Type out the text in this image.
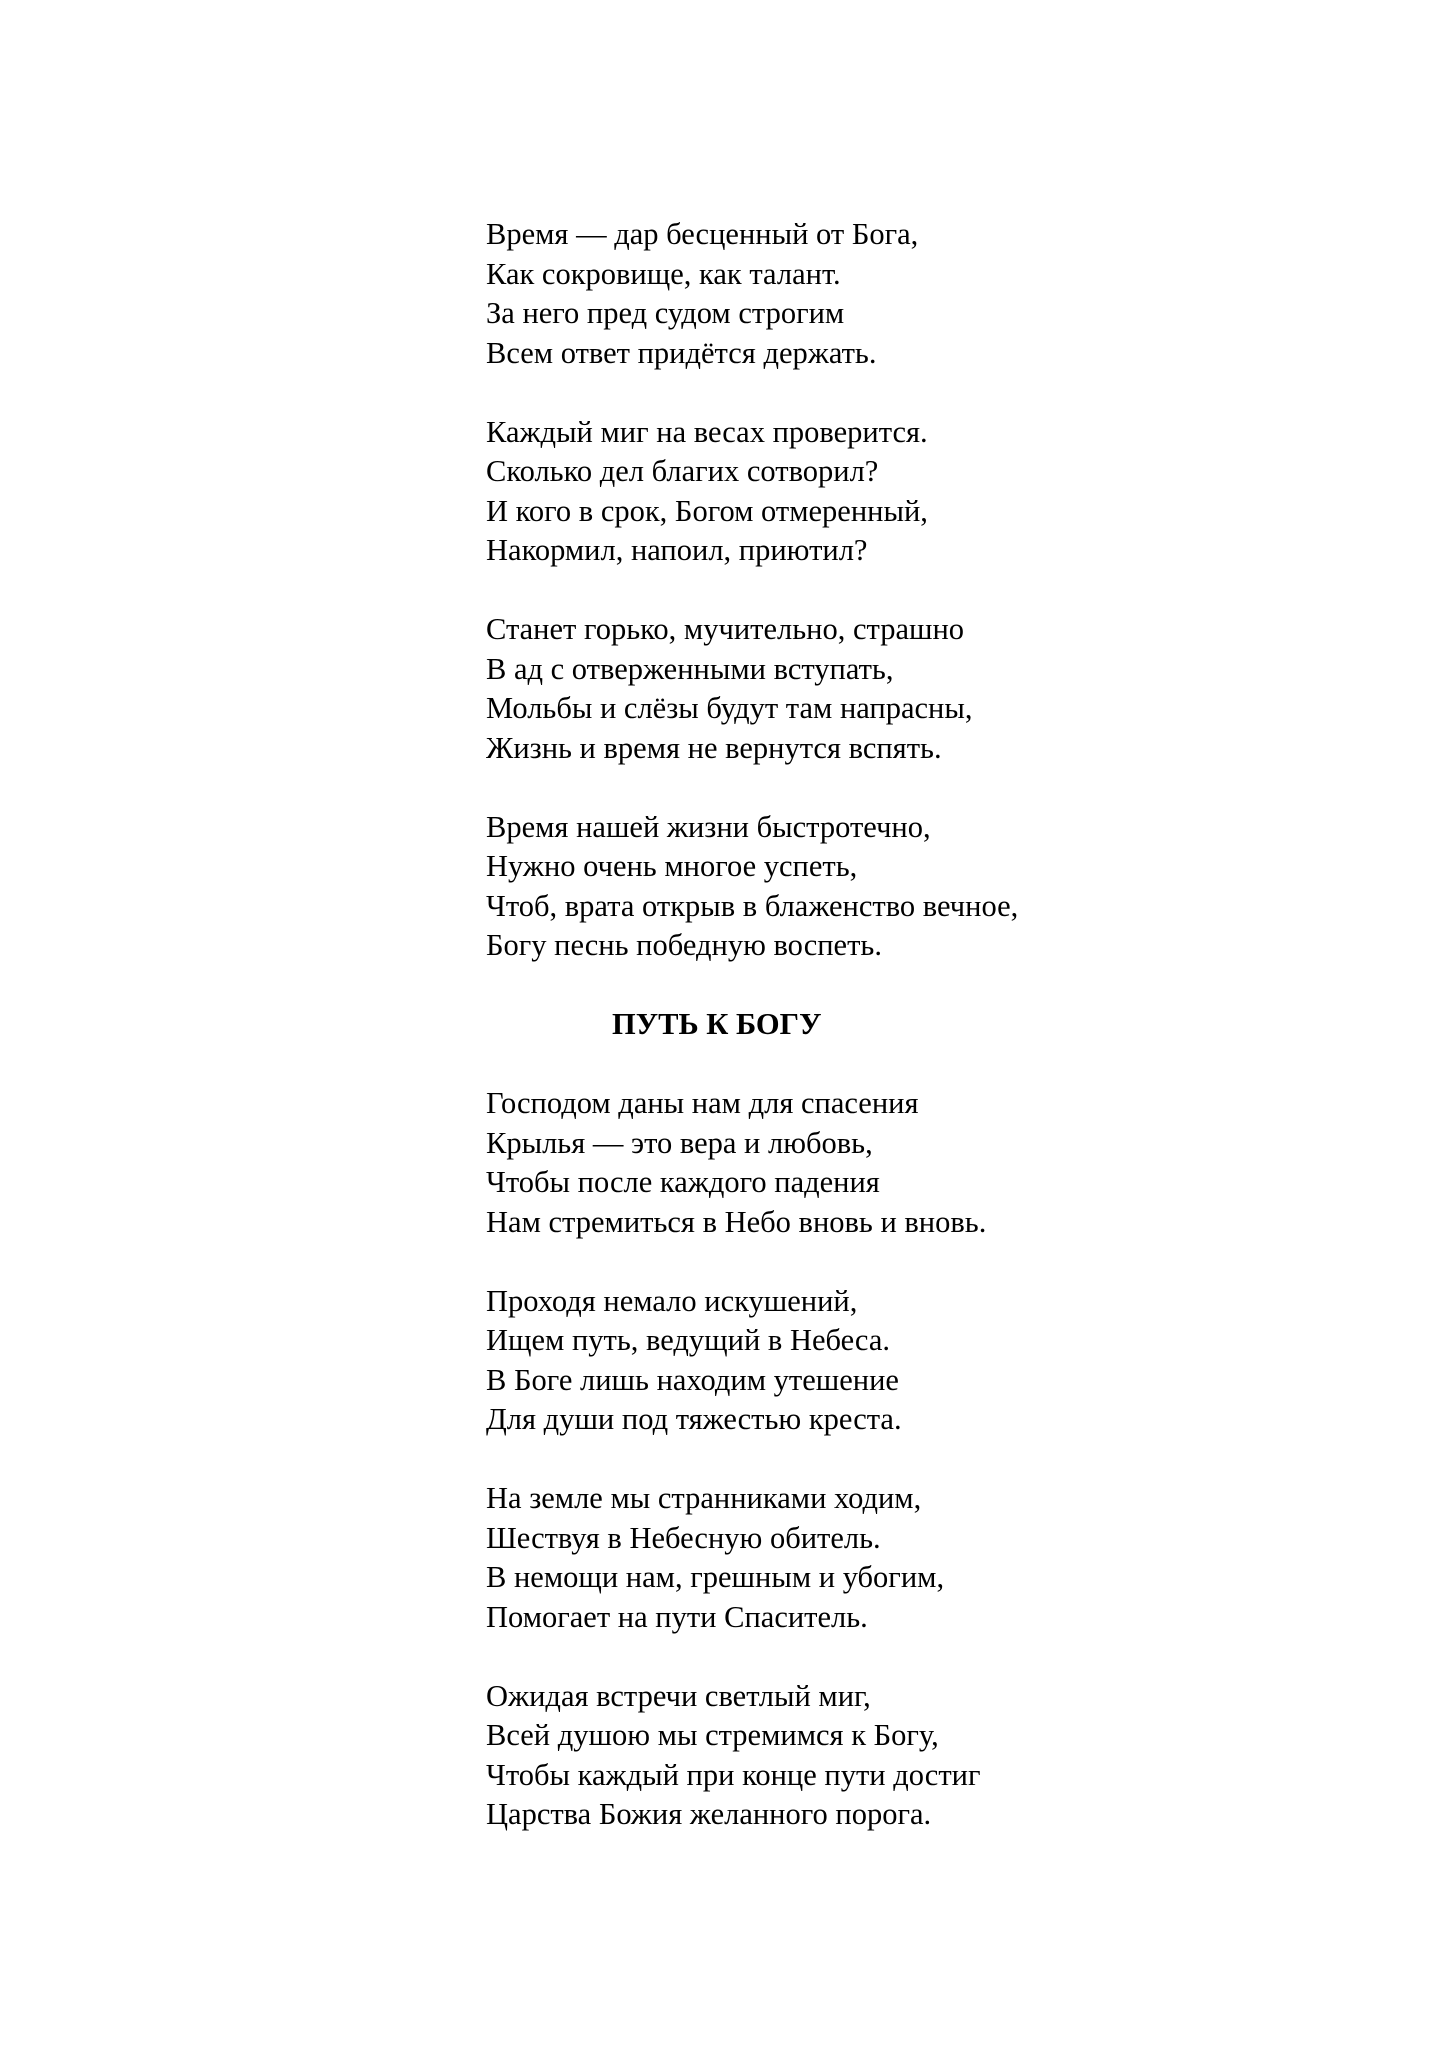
Время — дар бесценный от Бога,
Как сокровище, как талант.
За него пред судом строгим
Всем ответ придётся держать.
Каждый миг на весах проверится.
Сколько дел благих сотворил?
И кого в срок, Богом отмеренный,
Накормил, напоил, приютил?
Станет горько, мучительно, страшно
В ад с отверженными вступать,
Мольбы и слёзы будут там напрасны,
Жизнь и время не вернутся вспять.
Время нашей жизни быстротечно,
Нужно очень многое успеть,
Чтоб, врата открыв в блаженство вечное,
Богу песнь победную воспеть.
ПУТЬ К БОГУ
Господом даны нам для спасения
Крылья — это вера и любовь,
Чтобы после каждого падения
Нам стремиться в Небо вновь и вновь.
Проходя немало искушений,
Ищем путь, ведущий в Небеса.
В Боге лишь находим утешение
Для души под тяжестью креста.
На земле мы странниками ходим,
Шествуя в Небесную обитель.
В немощи нам, грешным и убогим,
Помогает на пути Спаситель.
Ожидая встречи светлый миг,
Всей душою мы стремимся к Богу,
Чтобы каждый при конце пути достиг
Царства Божия желанного порога.
